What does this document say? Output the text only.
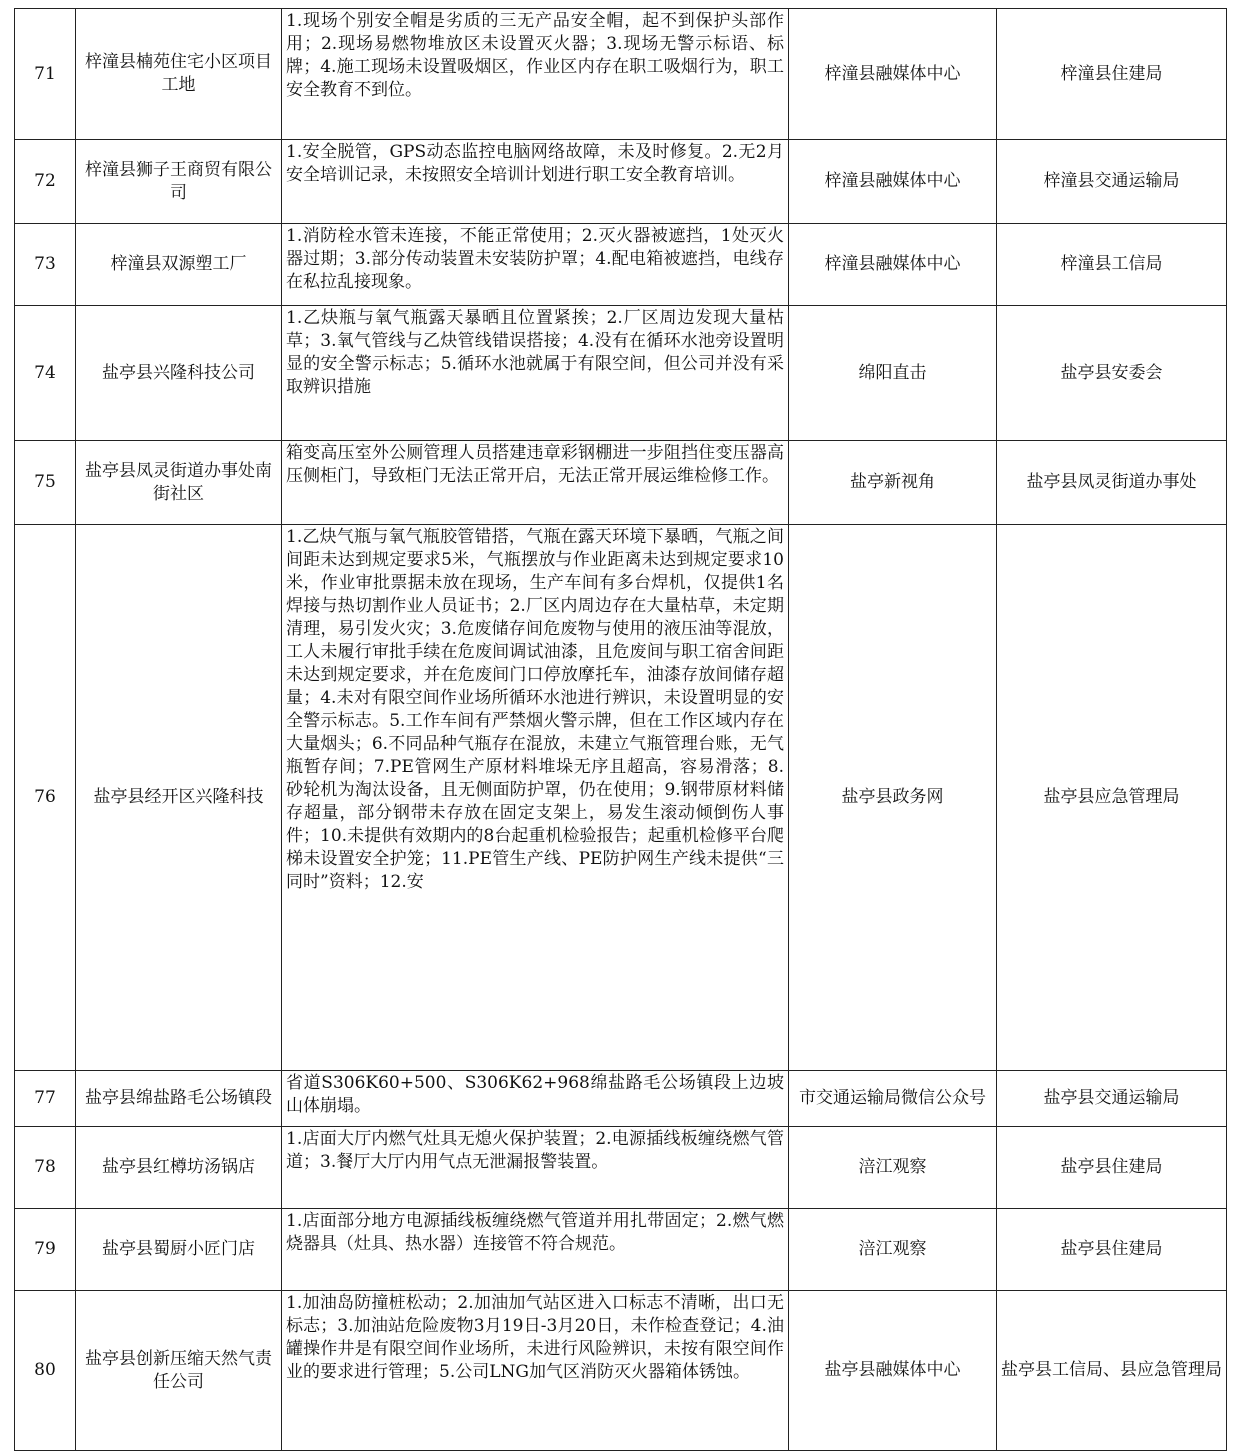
71	梓潼县楠苑住宅小区项目工地	1.现场个别安全帽是劣质的三无产品安全帽，起不到保护头部作用；2.现场易燃物堆放区未设置灭火器；3.现场无警示标语、标牌；4.施工现场未设置吸烟区，作业区内存在职工吸烟行为，职工安全教育不到位。	梓潼县融媒体中心	梓潼县住建局
72	梓潼县狮子王商贸有限公司	1.安全脱管，GPS动态监控电脑网络故障，未及时修复。2.无2月安全培训记录，未按照安全培训计划进行职工安全教育培训。	梓潼县融媒体中心	梓潼县交通运输局
73	梓潼县双源塑工厂	1.消防栓水管未连接，不能正常使用；2.灭火器被遮挡，1处灭火器过期；3.部分传动装置未安装防护罩；4.配电箱被遮挡，电线存在私拉乱接现象。	梓潼县融媒体中心	梓潼县工信局
74	盐亭县兴隆科技公司	1.乙炔瓶与氧气瓶露天暴晒且位置紧挨；2.厂区周边发现大量枯草；3.氧气管线与乙炔管线错误搭接；4.没有在循环水池旁设置明显的安全警示标志；5.循环水池就属于有限空间，但公司并没有采取辨识措施	绵阳直击	盐亭县安委会
75	盐亭县凤灵街道办事处南街社区	箱变高压室外公厕管理人员搭建违章彩钢棚进一步阻挡住变压器高压侧柜门，导致柜门无法正常开启，无法正常开展运维检修工作。	盐亭新视角	盐亭县凤灵街道办事处
76	盐亭县经开区兴隆科技	1.乙炔气瓶与氧气瓶胶管错搭，气瓶在露天环境下暴晒，气瓶之间间距未达到规定要求5米，气瓶摆放与作业距离未达到规定要求10米，作业审批票据未放在现场，生产车间有多台焊机，仅提供1名焊接与热切割作业人员证书；2.厂区内周边存在大量枯草，未定期清理，易引发火灾；3.危废储存间危废物与使用的液压油等混放，工人未履行审批手续在危废间调试油漆，且危废间与职工宿舍间距未达到规定要求，并在危废间门口停放摩托车，油漆存放间储存超量；4.未对有限空间作业场所循环水池进行辨识，未设置明显的安全警示标志。5.工作车间有严禁烟火警示牌，但在工作区域内存在大量烟头；6.不同品种气瓶存在混放，未建立气瓶管理台账，无气瓶暂存间；7.PE管网生产原材料堆垛无序且超高，容易滑落；8.砂轮机为淘汰设备，且无侧面防护罩，仍在使用；9.钢带原材料储存超量，部分钢带未存放在固定支架上，易发生滚动倾倒伤人事件；10.未提供有效期内的8台起重机检验报告；起重机检修平台爬梯未设置安全护笼；11.PE管生产线、PE防护网生产线未提供“三同时”资料；12.安	盐亭县政务网	盐亭县应急管理局
77	盐亭县绵盐路毛公场镇段	省道S306K60+500、S306K62+968绵盐路毛公场镇段上边坡山体崩塌。	市交通运输局微信公众号	盐亭县交通运输局
78	盐亭县红樽坊汤锅店	1.店面大厅内燃气灶具无熄火保护装置；2.电源插线板缠绕燃气管道；3.餐厅大厅内用气点无泄漏报警装置。	涪江观察	盐亭县住建局
79	盐亭县蜀厨小匠门店	1.店面部分地方电源插线板缠绕燃气管道并用扎带固定；2.燃气燃烧器具（灶具、热水器）连接管不符合规范。	涪江观察	盐亭县住建局
80	盐亭县创新压缩天然气责任公司	1.加油岛防撞桩松动；2.加油加气站区进入口标志不清晰，出口无标志；3.加油站危险废物3月19日-3月20日，未作检查登记；4.油罐操作井是有限空间作业场所，未进行风险辨识，未按有限空间作业的要求进行管理；5.公司LNG加气区消防灭火器箱体锈蚀。	盐亭县融媒体中心	盐亭县工信局、县应急管理局
